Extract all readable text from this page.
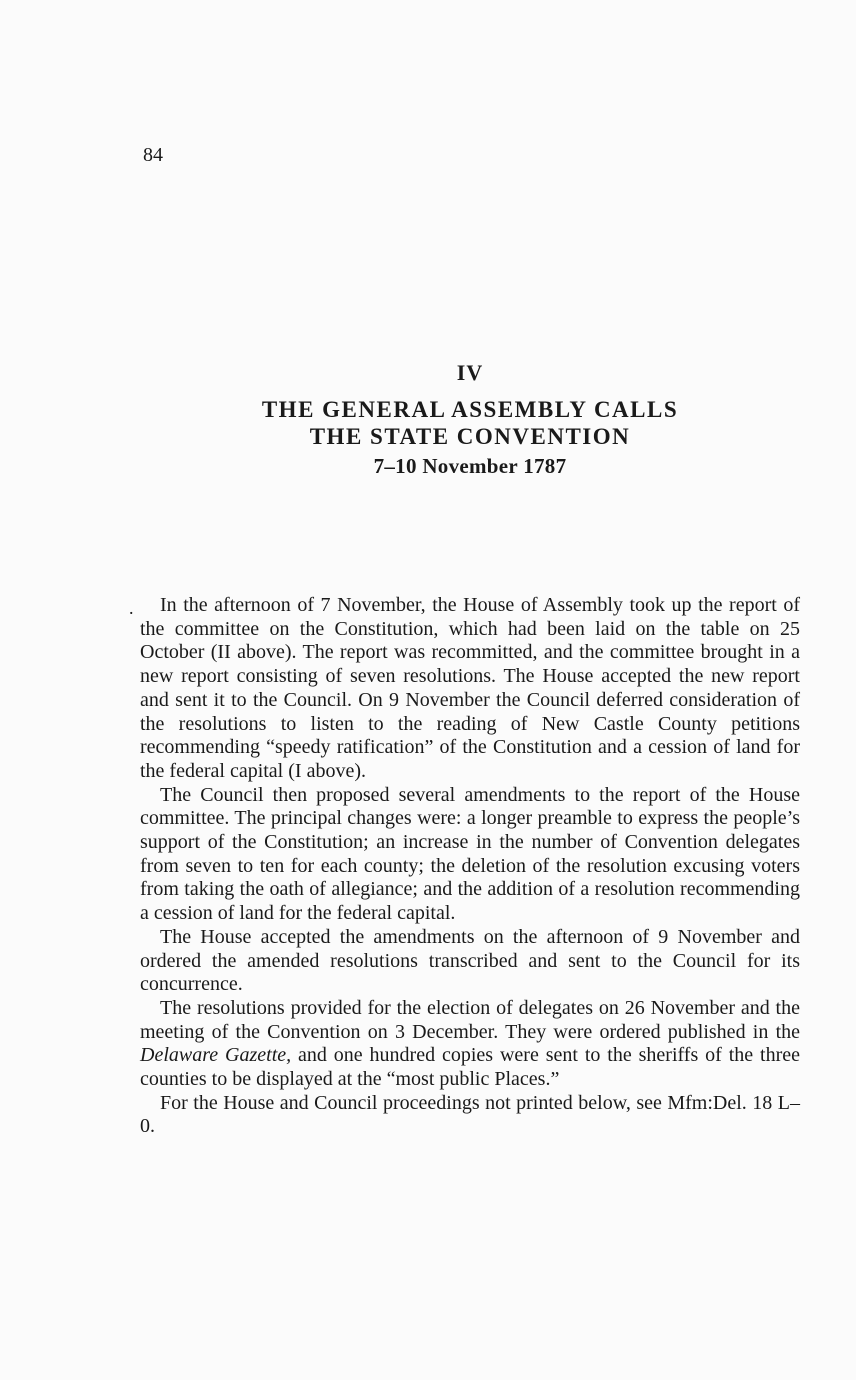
84
IV
THE GENERAL ASSEMBLY CALLS
THE STATE CONVENTION
7–10 November 1787
.	In the afternoon of 7 November, the House of Assembly took up the report of the committee on the Constitution, which had been laid on the table on 25 October (II above). The report was recommitted, and the committee brought in a new report consisting of seven resolutions. The House accepted the new report and sent it to the Council. On 9 November the Council deferred consideration of the resolutions to listen to the reading of New Castle County petitions recommending “speedy ratification” of the Constitution and a cession of land for the federal capital (I above).

The Council then proposed several amendments to the report of the House committee. The principal changes were: a longer preamble to express the people’s support of the Constitution; an increase in the number of Convention delegates from seven to ten for each county; the deletion of the resolution excusing voters from taking the oath of allegiance; and the addition of a resolution recommending a cession of land for the federal capital.

The House accepted the amendments on the afternoon of 9 November and ordered the amended resolutions transcribed and sent to the Council for its concurrence.

The resolutions provided for the election of delegates on 26 November and the meeting of the Convention on 3 December. They were ordered published in the Delaware Gazette, and one hundred copies were sent to the sheriffs of the three counties to be displayed at the “most public Places.”

For the House and Council proceedings not printed below, see Mfm:Del. 18 L–0.
